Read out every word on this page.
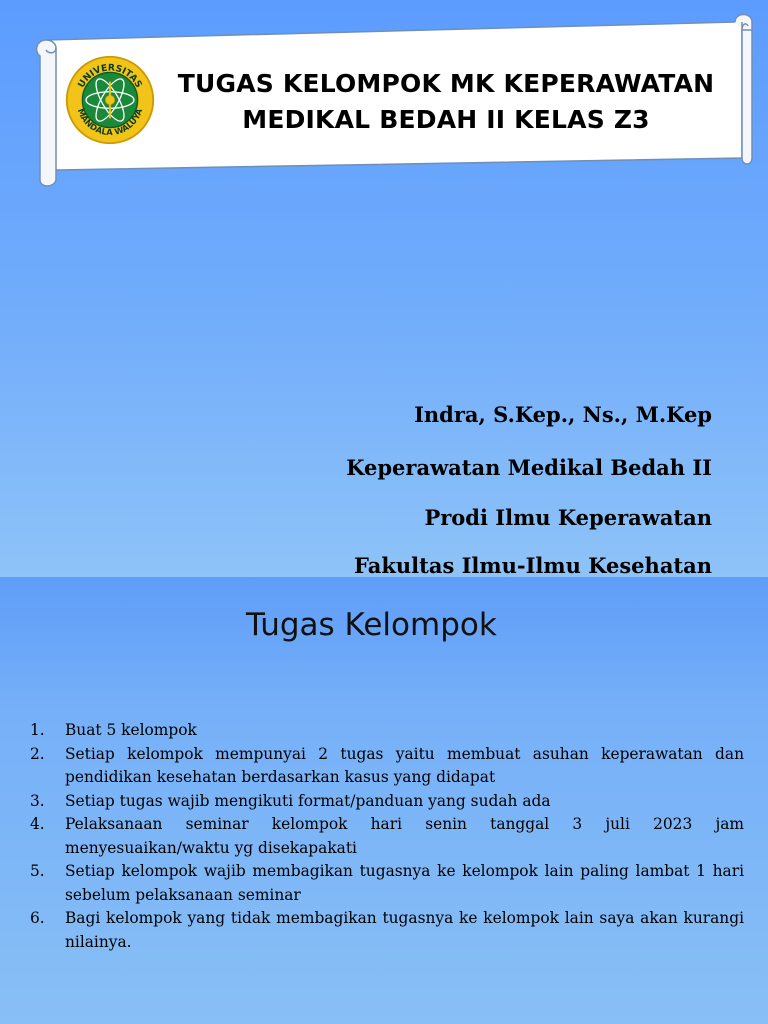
UNIVERSITAS
MANDALA WALUYA
TUGAS KELOMPOK MK KEPERAWATAN
MEDIKAL BEDAH II KELAS Z3
Indra, S.Kep., Ns., M.Kep
Keperawatan Medikal Bedah II
Prodi Ilmu Keperawatan
Fakultas Ilmu-Ilmu Kesehatan
Tugas Kelompok
1.	Buat 5 kelompok
2.	Setiap kelompok mempunyai 2 tugas yaitu membuat asuhan keperawatan dan pendidikan kesehatan berdasarkan kasus yang didapat
3.	Setiap tugas wajib mengikuti format/panduan yang sudah ada
4.	Pelaksanaan seminar kelompok hari senin tanggal 3 juli 2023 jam menyesuaikan/waktu yg disekapakati
5.	Setiap kelompok wajib membagikan tugasnya ke kelompok lain paling lambat 1 hari sebelum pelaksanaan seminar
6.	Bagi kelompok yang tidak membagikan tugasnya ke kelompok lain saya akan kurangi nilainya.
